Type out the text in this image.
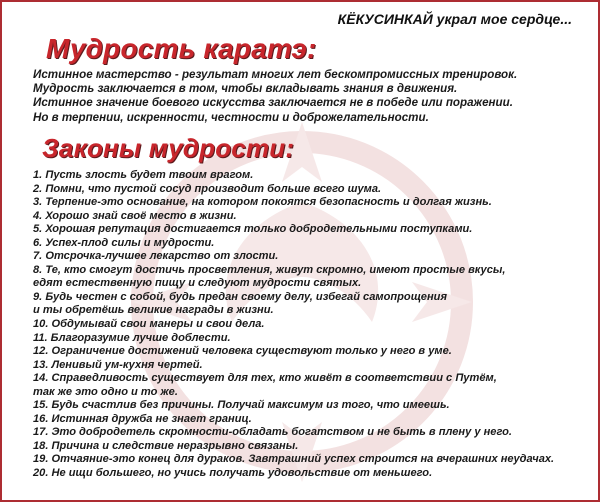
КЁКУСИНКАЙ украл мое сердце...

Мудрость каратэ:
Истинное мастерство - результат многих лет бескомпромиссных тренировок.
Мудрость заключается в том, чтобы вкладывать знания в движения.
Истинное значение боевого искусства заключается не в победе или поражении.
Но в терпении, искренности, честности и доброжелательности.
Законы мудрости:
1. Пусть злость будет твоим врагом.
2. Помни, что пустой сосуд производит больше всего шума.
3. Терпение-это основание, на котором покоятся безопасность и долгая жизнь.
4. Хорошо знай своё место в жизни.
5. Хорошая репутация достигается только добродетельными поступками.
6. Успех-плод силы и мудрости.
7. Отсрочка-лучшее лекарство от злости.
8. Те, кто смогут достичь просветления, живут скромно, имеют простые вкусы,
едят естественную пищу и следуют мудрости святых.
9. Будь честен с собой, будь предан своему делу, избегай самопрощения
и ты обретёшь великие награды в жизни.
10. Обдумывай свои манеры и свои дела.
11. Благоразумие лучше доблести.
12. Ограничение достижений человека существуют только у него в уме.
13. Ленивый ум-кухня чертей.
14. Справедливость существует для тех, кто живёт в соответствии с Путём,
так же это одно и то же.
15. Будь счастлив без причины. Получай максимум из того, что имеешь.
16. Истинная дружба не знает границ.
17. Это добродетель скромности-обладать богатством и не быть в плену у него.
18. Причина и следствие неразрывно связаны.
19. Отчаяние-это конец для дураков. Завтрашний успех строится на вчерашних неудачах.
20. Не ищи большего, но учись получать удовольствие от меньшего.
